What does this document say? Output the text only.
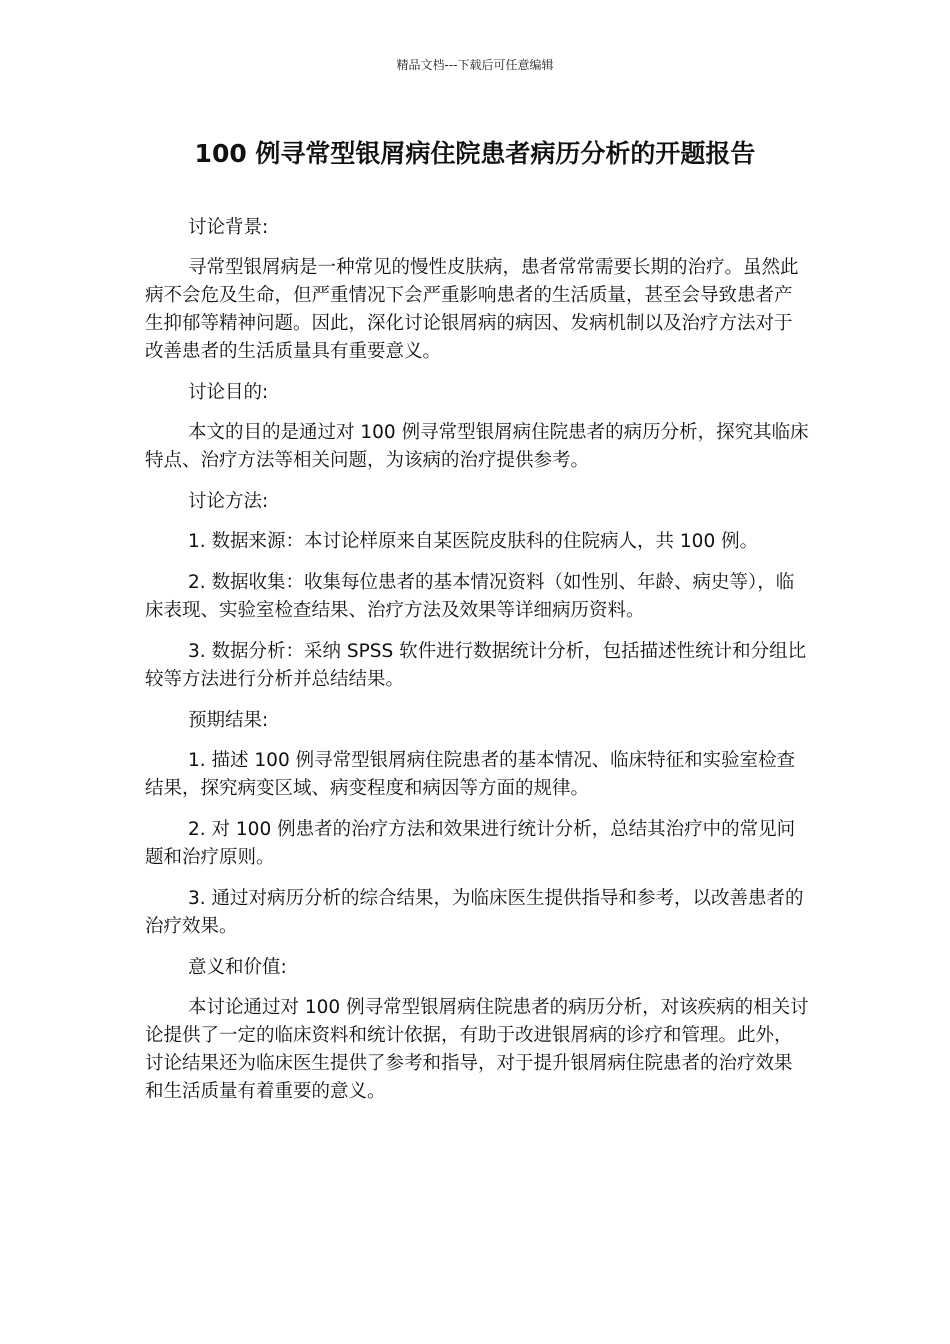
精品文档---下载后可任意编辑
100 例寻常型银屑病住院患者病历分析的开题报告

讨论背景:

寻常型银屑病是一种常见的慢性皮肤病，患者常常需要长期的治疗。虽然此病不会危及生命，但严重情况下会严重影响患者的生活质量，甚至会导致患者产生抑郁等精神问题。因此，深化讨论银屑病的病因、发病机制以及治疗方法对于改善患者的生活质量具有重要意义。

讨论目的:

本文的目的是通过对 100 例寻常型银屑病住院患者的病历分析，探究其临床特点、治疗方法等相关问题，为该病的治疗提供参考。

讨论方法:

1. 数据来源：本讨论样原来自某医院皮肤科的住院病人，共 100 例。

2. 数据收集：收集每位患者的基本情况资料（如性别、年龄、病史等），临床表现、实验室检查结果、治疗方法及效果等详细病历资料。

3. 数据分析：采纳 SPSS 软件进行数据统计分析，包括描述性统计和分组比较等方法进行分析并总结结果。

预期结果:

1. 描述 100 例寻常型银屑病住院患者的基本情况、临床特征和实验室检查结果，探究病变区域、病变程度和病因等方面的规律。

2. 对 100 例患者的治疗方法和效果进行统计分析，总结其治疗中的常见问题和治疗原则。

3. 通过对病历分析的综合结果，为临床医生提供指导和参考，以改善患者的治疗效果。

意义和价值:

本讨论通过对 100 例寻常型银屑病住院患者的病历分析，对该疾病的相关讨论提供了一定的临床资料和统计依据，有助于改进银屑病的诊疗和管理。此外，讨论结果还为临床医生提供了参考和指导，对于提升银屑病住院患者的治疗效果和生活质量有着重要的意义。
